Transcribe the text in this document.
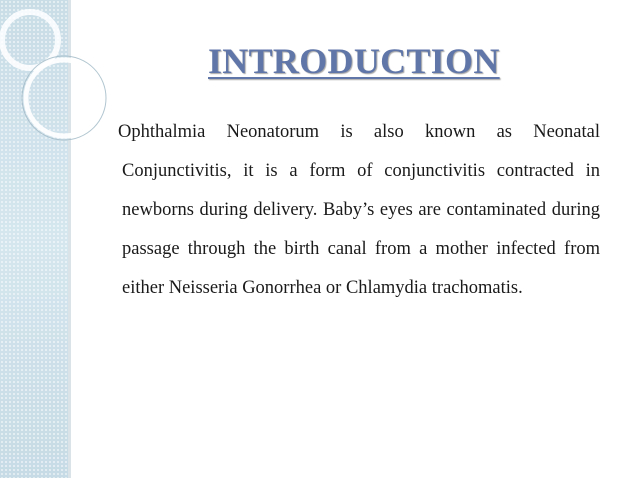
INTRODUCTION

Ophthalmia Neonatorum is also known as Neonatal Conjunctivitis, it is a form of conjunctivitis contracted in newborns during delivery. Baby’s eyes are contaminated during passage through the birth canal from a mother infected from either Neisseria Gonorrhea or Chlamydia trachomatis.
